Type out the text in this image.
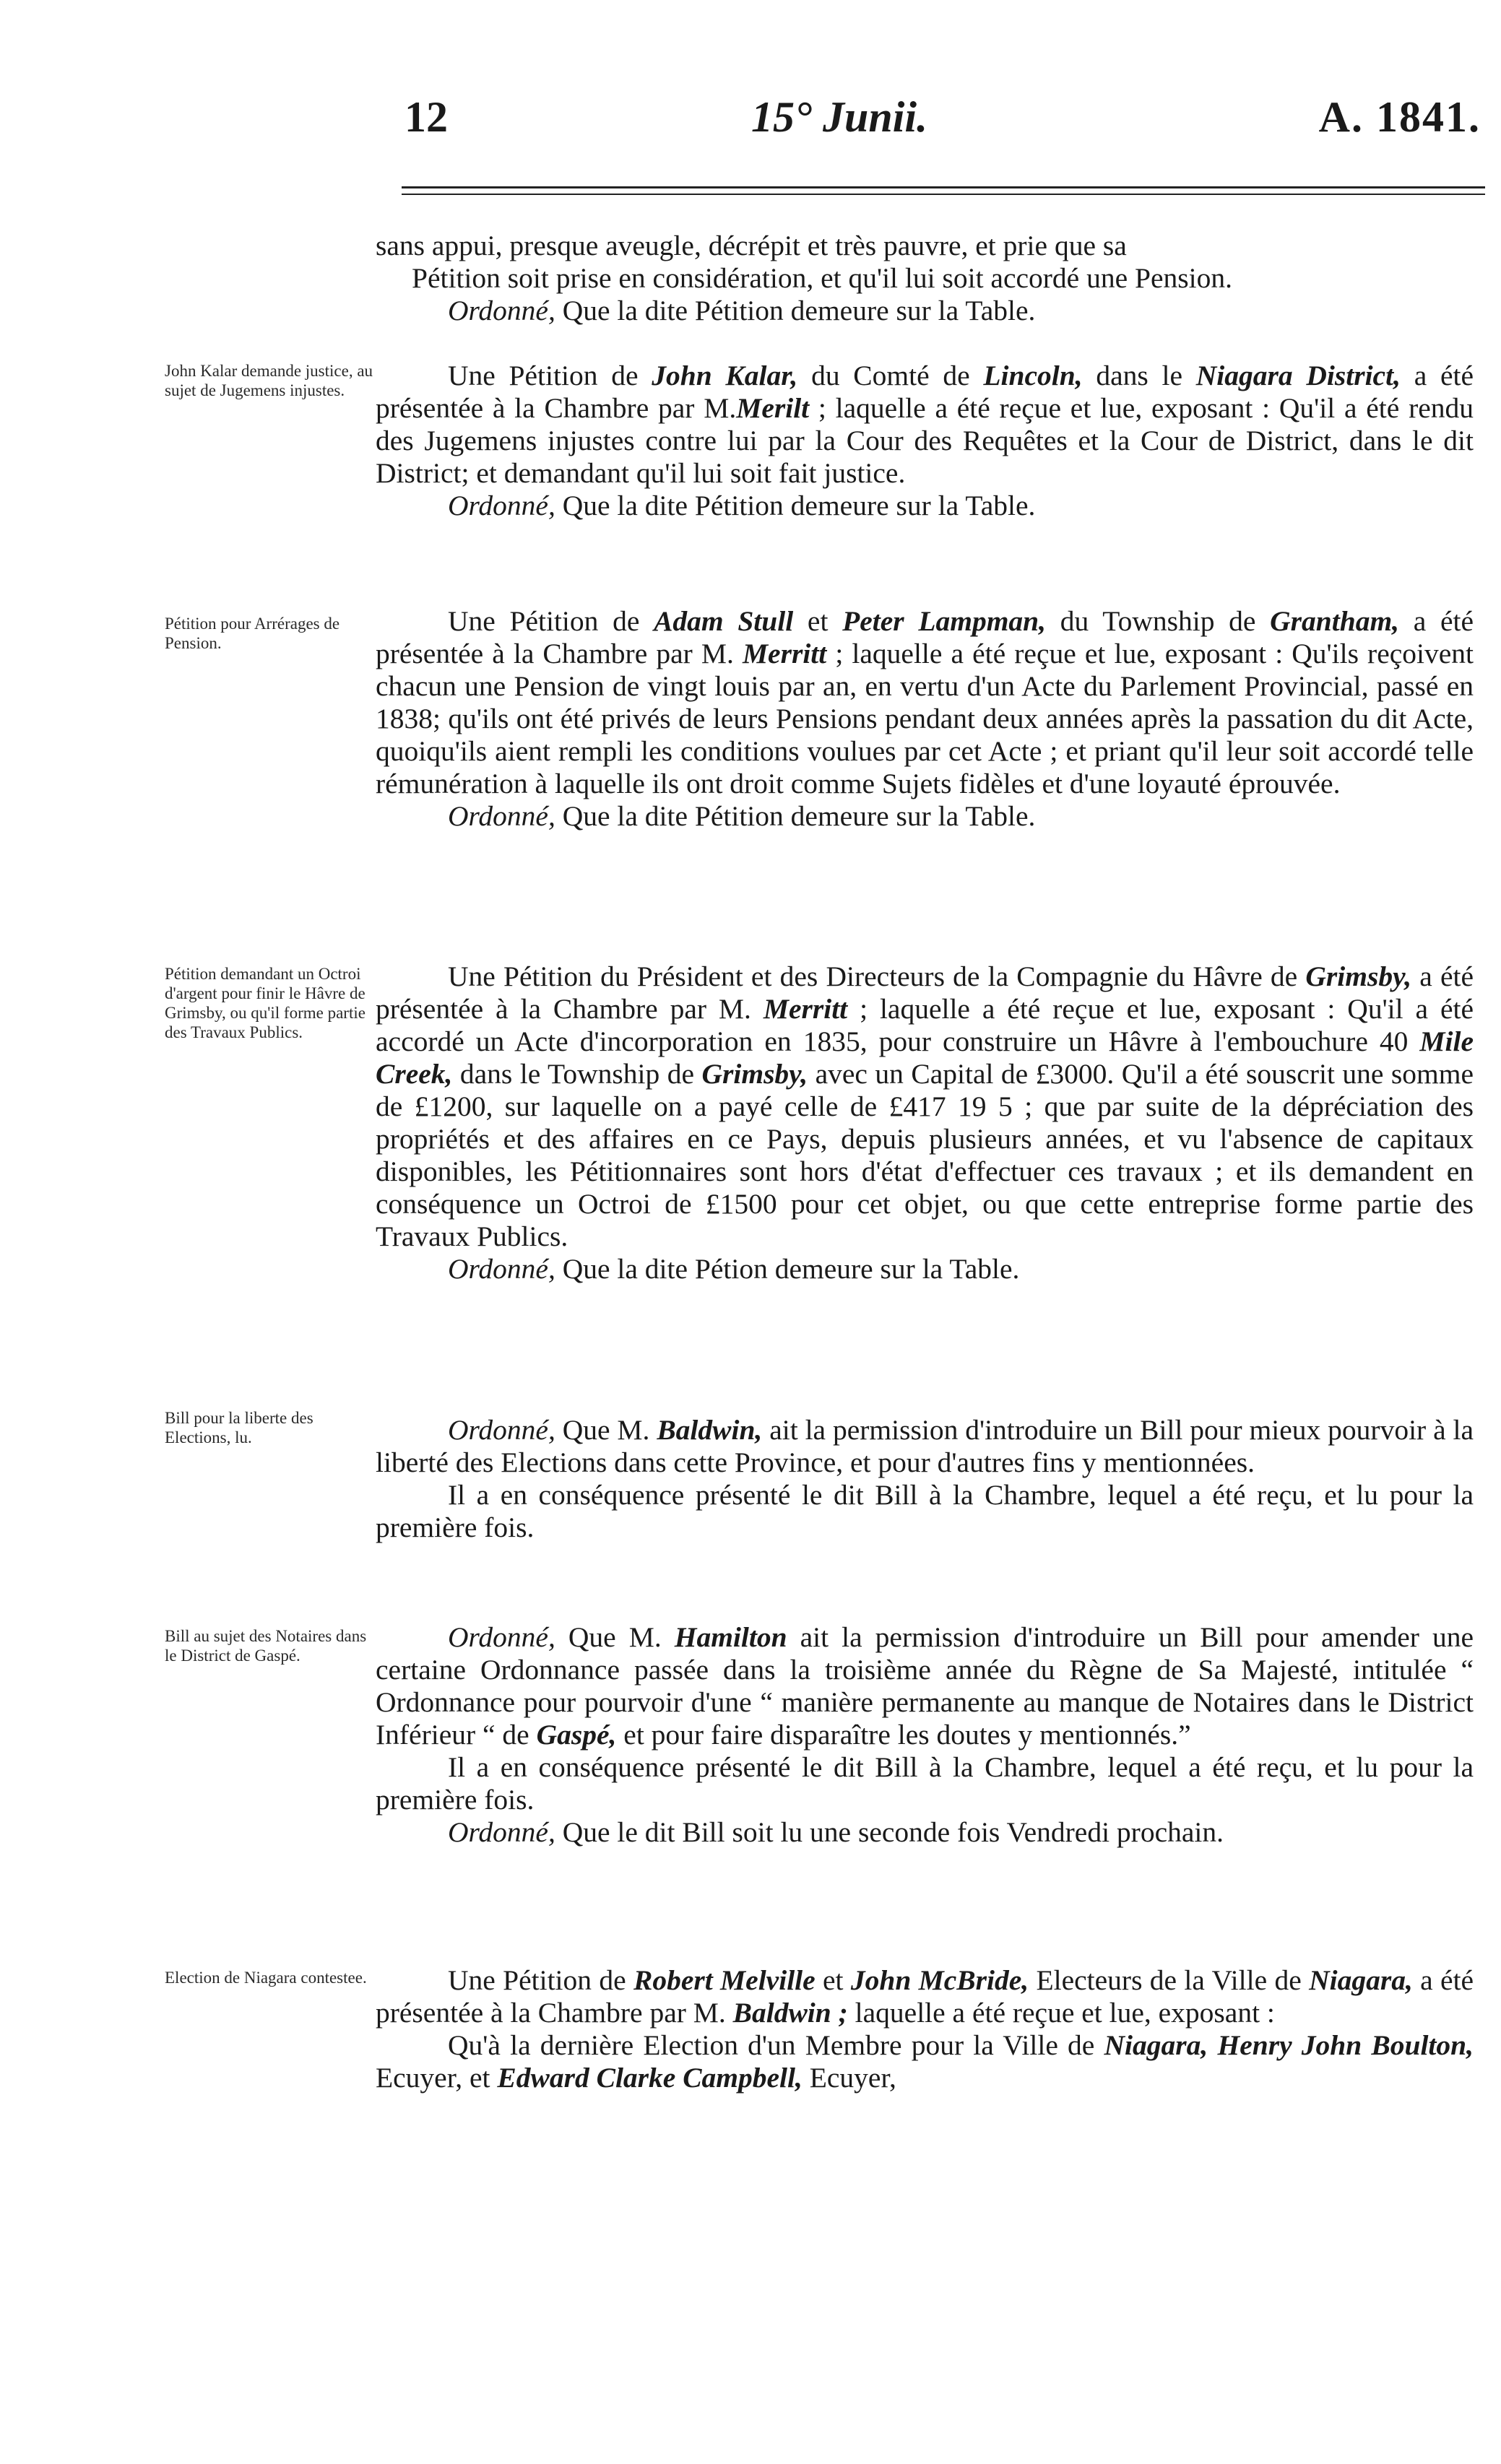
12	15° Junii.	A. 1841.

sans appui, presque aveugle, décrépit et très pauvre, et prie que sa

Pétition soit prise en considération, et qu'il lui soit accordé une Pension.

Ordonné, Que la dite Pétition demeure sur la Table.

John Kalar demande justice, au sujet de Jugemens injustes.	Une Pétition de John Kalar, du Comté de Lincoln, dans le Niagara District, a été présentée à la Chambre par M.Merilt ; laquelle a été reçue et lue, exposant : Qu'il a été rendu des Jugemens injustes contre lui par la Cour des Requêtes et la Cour de District, dans le dit District; et demandant qu'il lui soit fait justice.

Ordonné, Que la dite Pétition demeure sur la Table.

Pétition pour Arrérages de Pension.

Une Pétition de Adam Stull et Peter Lampman, du Township de Grantham, a été présentée à la Chambre par M. Merritt ; laquelle a été reçue et lue, exposant : Qu'ils reçoivent chacun une Pension de vingt louis par an, en vertu d'un Acte du Parlement Provincial, passé en 1838; qu'ils ont été privés de leurs Pensions pendant deux années après la passation du dit Acte, quoiqu'ils aient rempli les conditions voulues par cet Acte ; et priant qu'il leur soit accordé telle rémunération à laquelle ils ont droit comme Sujets fidèles et d'une loyauté éprouvée.

Ordonné, Que la dite Pétition demeure sur la Table.

Pétition demandant un Octroi d'argent pour finir le Hâvre de Grimsby, ou qu'il forme partie des Travaux Publics.

Une Pétition du Président et des Directeurs de la Compagnie du Hâvre de Grimsby, a été présentée à la Chambre par M. Merritt ; laquelle a été reçue et lue, exposant : Qu'il a été accordé un Acte d'incorporation en 1835, pour construire un Hâvre à l'embouchure 40 Mile Creek, dans le Township de Grimsby, avec un Capital de £3000. Qu'il a été souscrit une somme de £1200, sur laquelle on a payé celle de £417 19 5 ; que par suite de la dépréciation des propriétés et des affaires en ce Pays, depuis plusieurs années, et vu l'absence de capitaux disponibles, les Pétitionnaires sont hors d'état d'effectuer ces travaux ; et ils demandent en conséquence un Octroi de £1500 pour cet objet, ou que cette entreprise forme partie des Travaux Publics.

Ordonné, Que la dite Pétion demeure sur la Table.

Bill pour la liberte des Elections, lu.	Ordonné, Que M. Baldwin, ait la permission d'introduire un Bill pour mieux pourvoir à la liberté des Elections dans cette Province, et pour d'autres fins y mentionnées.

Il a en conséquence présenté le dit Bill à la Chambre, lequel a été reçu, et lu pour la première fois.

Bill au sujet des Notaires dans le District de Gaspé.

Ordonné, Que M. Hamilton ait la permission d'introduire un Bill pour amender une certaine Ordonnance passée dans la troisième année du Règne de Sa Majesté, intitulée “ Ordonnance pour pourvoir d'une “ manière permanente au manque de Notaires dans le District Inférieur “ de Gaspé, et pour faire disparaître les doutes y mentionnés.”

Il a en conséquence présenté le dit Bill à la Chambre, lequel a été reçu, et lu pour la première fois.

Ordonné, Que le dit Bill soit lu une seconde fois Vendredi prochain.

Election de Niagara contestee.	Une Pétition de Robert Melville et John McBride, Electeurs de la Ville de Niagara, a été présentée à la Chambre par M. Baldwin ; laquelle a été reçue et lue, exposant :

Qu'à la dernière Election d'un Membre pour la Ville de Niagara, Henry John Boulton, Ecuyer, et Edward Clarke Campbell, Ecuyer,
